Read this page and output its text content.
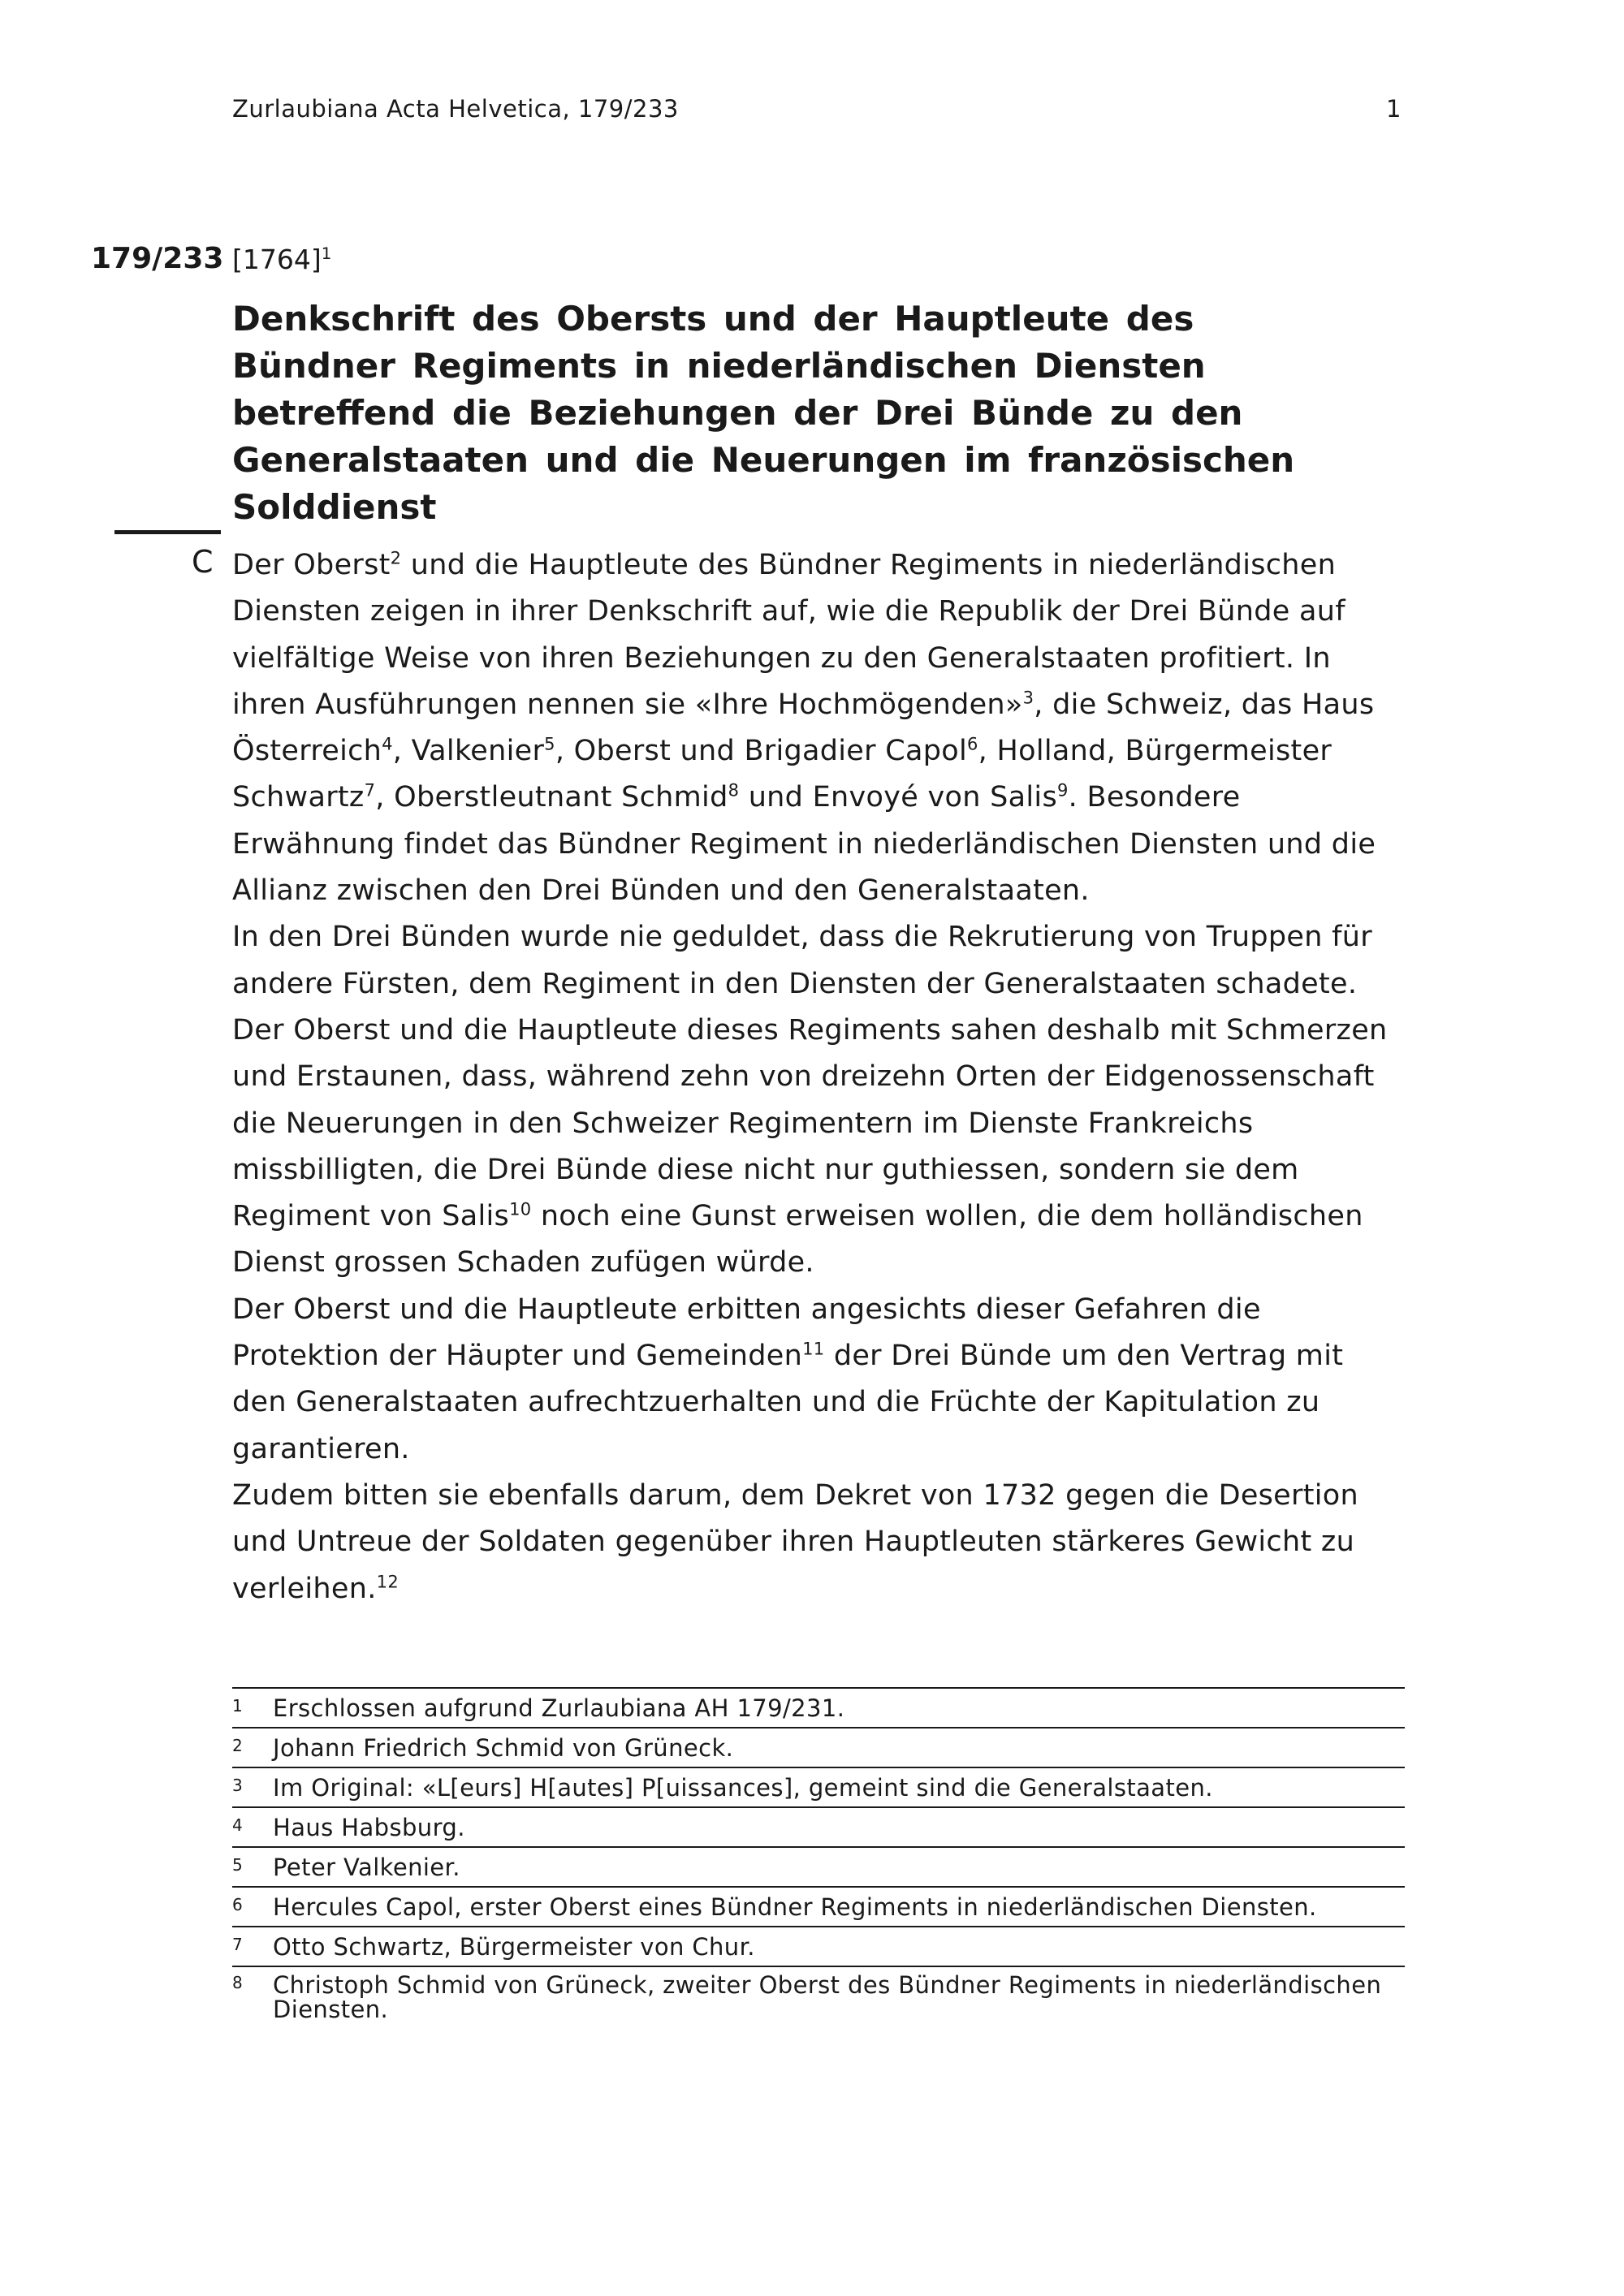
Zurlaubiana Acta Helvetica, 179/233	1
179/233 $[1764]^1$
Denkschrift des Obersts und der Hauptleute des Bündner Regiments in niederländischen Diensten betreffend die Beziehungen der Drei Bünde zu den Generalstaaten und die Neuerungen im französischen Solddienst
C Der Oberst$^2$ und die Hauptleute des Bündner Regiments in niederländischen Diensten zeigen in ihrer Denkschrift auf, wie die Republik der Drei Bünde auf vielfältige Weise von ihren Beziehungen zu den Generalstaaten profitiert. In ihren Ausführungen nennen sie «Ihre Hochmögenden»$^3$, die Schweiz, das Haus Österreich$^4$, Valkenier$^5$, Oberst und Brigadier Capol$^6$, Holland, Bürgermeister Schwartz$^7$, Oberstleutnant Schmid$^8$ und Envoyé von Salis$^9$. Besondere Erwähnung findet das Bündner Regiment in niederländischen Diensten und die Allianz zwischen den Drei Bünden und den Generalstaaten.

In den Drei Bünden wurde nie geduldet, dass die Rekrutierung von Truppen für andere Fürsten, dem Regiment in den Diensten der Generalstaaten schadete. Der Oberst und die Hauptleute dieses Regiments sahen deshalb mit Schmerzen und Erstaunen, dass, während zehn von dreizehn Orten der Eidgenossenschaft die Neuerungen in den Schweizer Regimentern im Dienste Frankreichs missbilligten, die Drei Bünde diese nicht nur guthiessen, sondern sie dem Regiment von Salis$^{10}$ noch eine Gunst erweisen wollen, die dem holländischen Dienst grossen Schaden zufügen würde.

Der Oberst und die Hauptleute erbitten angesichts dieser Gefahren die Protektion der Häupter und Gemeinden$^{11}$ der Drei Bünde um den Vertrag mit den Generalstaaten aufrechtzuerhalten und die Früchte der Kapitulation zu garantieren.

Zudem bitten sie ebenfalls darum, dem Dekret von 1732 gegen die Desertion und Untreue der Soldaten gegenüber ihren Hauptleuten stärkeres Gewicht zu verleihen.$^{12}$

1 Erschlossen aufgrund Zurlaubiana AH 179/231.
2 Johann Friedrich Schmid von Grüneck.
3 Im Original: «L[eurs] H[autes] P[uissances], gemeint sind die Generalstaaten.
4 Haus Habsburg.
5 Peter Valkenier.
6 Hercules Capol, erster Oberst eines Bündner Regiments in niederländischen Diensten.
7 Otto Schwartz, Bürgermeister von Chur.
8 Christoph Schmid von Grüneck, zweiter Oberst des Bündner Regiments in niederländischen Diensten.
